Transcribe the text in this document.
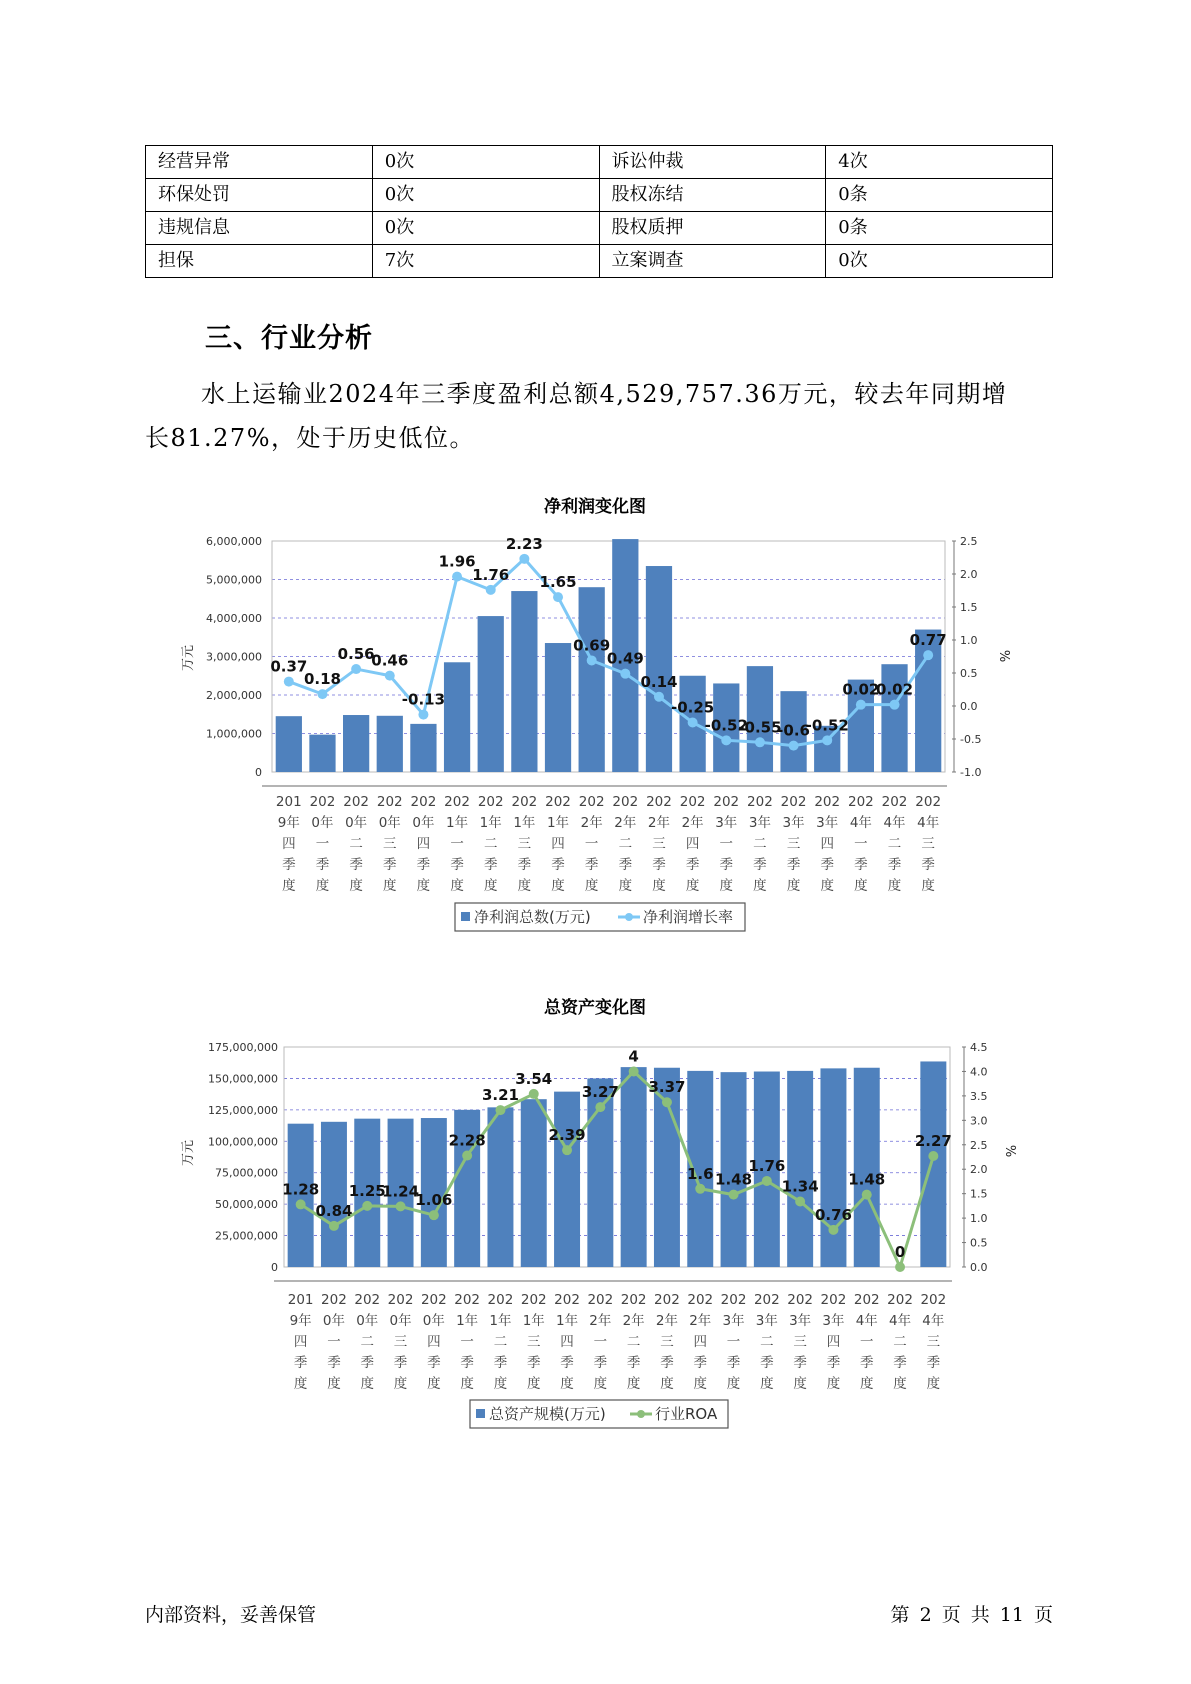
经营异常	0次	诉讼仲裁	4次
环保处罚	0次	股权冻结	0条
违规信息	0次	股权质押	0条
担保	7次	立案调查	0次
三、行业分析
水上运输业2024年三季度盈利总额4,529,757.36万元，较去年同期增
长81.27%，处于历史低位。
净利润变化图
0
1,000,000
2,000,000
3,000,000
4,000,000
5,000,000
6,000,000
-1.0
-0.5
0.0
0.5
1.0
1.5
2.0
2.5
万元	%
0.37
0.18
0.56
0.46
-0.13
1.96
1.76
2.23
1.65
0.69
0.49
0.14
-0.25
-0.52
-0.55
-0.6
-0.52
0.02
0.02
0.77
201
9年
四
季
度
202
0年
一
季
度
202
0年
二
季
度
202
0年
三
季
度
202
0年
四
季
度
202
1年
一
季
度
202
1年
二
季
度
202
1年
三
季
度
202
1年
四
季
度
202
2年
一
季
度
202
2年
二
季
度
202
2年
三
季
度
202
2年
四
季
度
202
3年
一
季
度
202
3年
二
季
度
202
3年
三
季
度
202
3年
四
季
度
202
4年
一
季
度
202
4年
二
季
度
202
4年
三
季
度
净利润总数(万元)	净利润增长率
总资产变化图
0
25,000,000
50,000,000
75,000,000
100,000,000
125,000,000
150,000,000
175,000,000
0.0
0.5
1.0
1.5
2.0
2.5
3.0
3.5
4.0
4.5
万元	%
1.28
0.84
1.25
1.24
1.06
2.28
3.21
3.54
2.39
3.27
4
3.37
1.6 1.48
1.76
1.34
0.76
1.48
0
2.27
201
9年
四
季
度
202
0年
一
季
度
202
0年
二
季
度
202
0年
三
季
度
202
0年
四
季
度
202
1年
一
季
度
202
1年
二
季
度
202
1年
三
季
度
202
1年
四
季
度
202
2年
一
季
度
202
2年
二
季
度
202
2年
三
季
度
202
2年
四
季
度
202
3年
一
季
度
202
3年
二
季
度
202
3年
三
季
度
202
3年
四
季
度
202
4年
一
季
度
202
4年
二
季
度
202
4年
三
季
度
总资产规模(万元)	行业ROA
内部资料，妥善保管	第 2 页 共 11 页
